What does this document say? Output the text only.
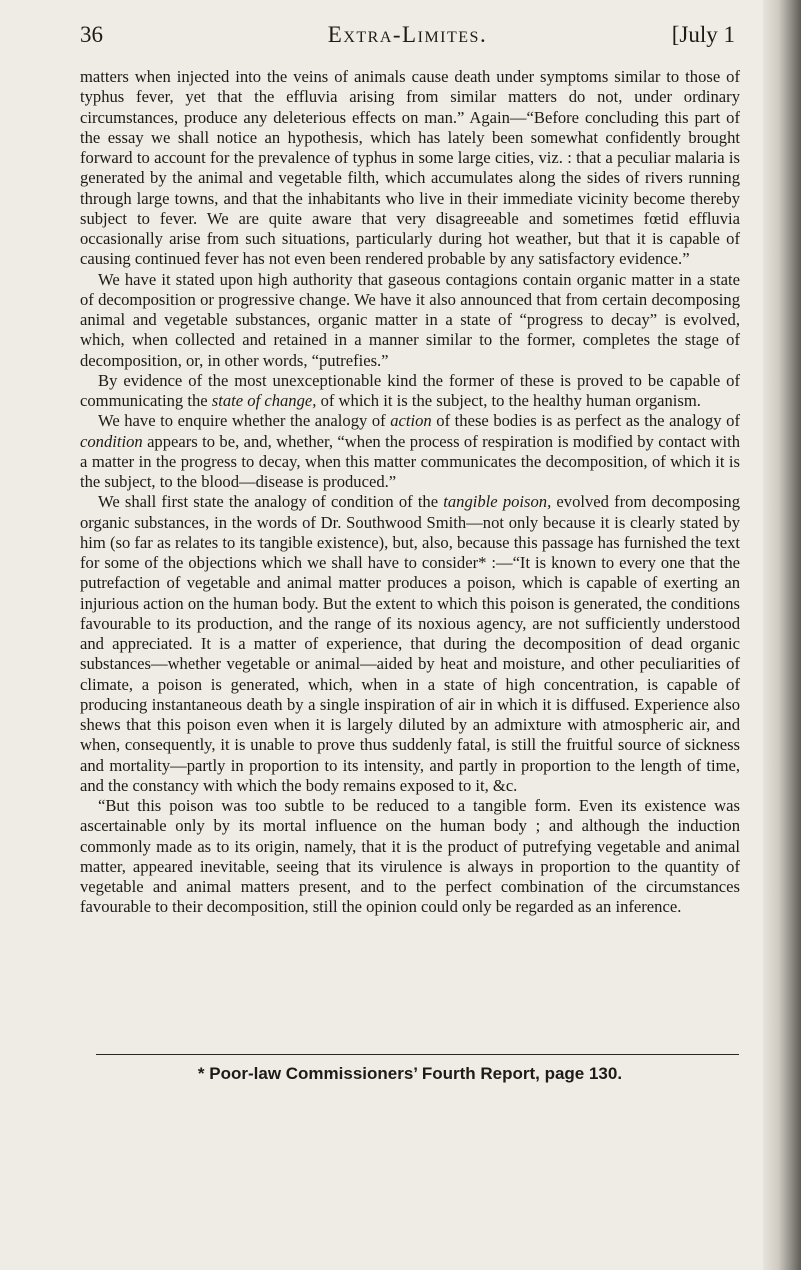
36	Extra-Limites.	[July 1

matters when injected into the veins of animals cause death under symptoms similar to those of typhus fever, yet that the effluvia arising from similar matters do not, under ordinary circumstances, produce any deleterious effects on man.” Again—“Before concluding this part of the essay we shall notice an hypothesis, which has lately been somewhat confidently brought forward to account for the prevalence of typhus in some large cities, viz. : that a peculiar malaria is generated by the animal and vegetable filth, which accumulates along the sides of rivers running through large towns, and that the inhabitants who live in their immediate vicinity become thereby subject to fever. We are quite aware that very disagreeable and sometimes fœtid effluvia occasionally arise from such situations, particularly during hot weather, but that it is capable of causing continued fever has not even been rendered probable by any satisfactory evidence.”

We have it stated upon high authority that gaseous contagions contain organic matter in a state of decomposition or progressive change. We have it also announced that from certain decomposing animal and vegetable substances, organic matter in a state of “progress to decay” is evolved, which, when collected and retained in a manner similar to the former, completes the stage of decomposition, or, in other words, “putrefies.”

By evidence of the most unexceptionable kind the former of these is proved to be capable of communicating the state of change, of which it is the subject, to the healthy human organism.

We have to enquire whether the analogy of action of these bodies is as perfect as the analogy of condition appears to be, and, whether, “when the process of respiration is modified by contact with a matter in the progress to decay, when this matter communicates the decomposition, of which it is the subject, to the blood—disease is produced.”

We shall first state the analogy of condition of the tangible poison, evolved from decomposing organic substances, in the words of Dr. Southwood Smith—not only because it is clearly stated by him (so far as relates to its tangible existence), but, also, because this passage has furnished the text for some of the objections which we shall have to consider* :—“It is known to every one that the putrefaction of vegetable and animal matter produces a poison, which is capable of exerting an injurious action on the human body. But the extent to which this poison is generated, the conditions favourable to its production, and the range of its noxious agency, are not sufficiently understood and appreciated. It is a matter of experience, that during the decomposition of dead organic substances—whether vegetable or animal—aided by heat and moisture, and other peculiarities of climate, a poison is generated, which, when in a state of high concentration, is capable of producing instantaneous death by a single inspiration of air in which it is diffused. Experience also shews that this poison even when it is largely diluted by an admixture with atmospheric air, and when, consequently, it is unable to prove thus suddenly fatal, is still the fruitful source of sickness and mortality—partly in proportion to its intensity, and partly in proportion to the length of time, and the constancy with which the body remains exposed to it, &c.

“But this poison was too subtle to be reduced to a tangible form. Even its existence was ascertainable only by its mortal influence on the human body ; and although the induction commonly made as to its origin, namely, that it is the product of putrefying vegetable and animal matter, appeared inevitable, seeing that its virulence is always in proportion to the quantity of vegetable and animal matters present, and to the perfect combination of the circumstances favourable to their decomposition, still the opinion could only be regarded as an inference.

* Poor-law Commissioners’ Fourth Report, page 130.
